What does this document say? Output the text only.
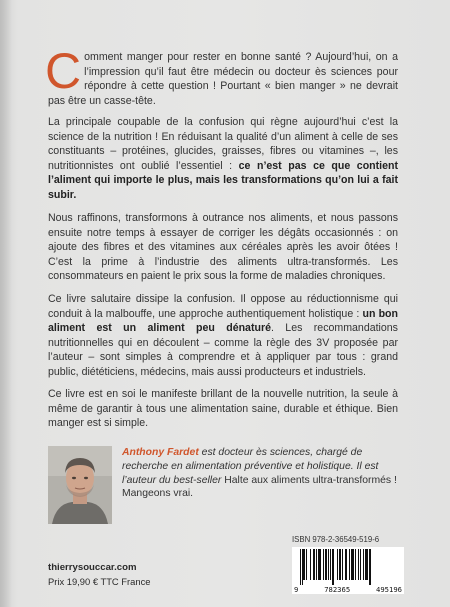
Comment manger pour rester en bonne santé ? Aujourd’hui, on a l’impression qu’il faut être médecin ou docteur ès sciences pour répondre à cette question ! Pourtant « bien manger » ne devrait pas être un casse-tête.

La principale coupable de la confusion qui règne aujourd’hui c’est la science de la nutrition ! En réduisant la qualité d’un aliment à celle de ses constituants – protéines, glucides, graisses, fibres ou vitamines –, les nutritionnistes ont oublié l’essentiel : ce n’est pas ce que contient l’aliment qui importe le plus, mais les transformations qu’on lui a fait subir.

Nous raffinons, transformons à outrance nos aliments, et nous passons ensuite notre temps à essayer de corriger les dégâts occasionnés : on ajoute des fibres et des vitamines aux céréales après les avoir ôtées ! C’est la prime à l’industrie des aliments ultra-transformés. Les consommateurs en paient le prix sous la forme de maladies chroniques.

Ce livre salutaire dissipe la confusion. Il oppose au réductionnisme qui conduit à la malbouffe, une approche authentiquement holistique : un bon aliment est un aliment peu dénaturé. Les recommandations nutritionnelles qui en découlent – comme la règle des 3V proposée par l’auteur – sont simples à comprendre et à appliquer par tous : grand public, diététiciens, médecins, mais aussi producteurs et industriels.

Ce livre est en soi le manifeste brillant de la nouvelle nutrition, la seule à même de garantir à tous une alimentation saine, durable et éthique. Bien manger est si simple.

Anthony Fardet est docteur ès sciences, chargé de recherche en alimentation préventive et holistique. Il est l’auteur du best-seller Halte aux aliments ultra-transformés ! Mangeons vrai.
thierrysouccar.com
Prix 19,90 € TTC France
ISBN 978-2-36549-519-6
9	782365	495196
